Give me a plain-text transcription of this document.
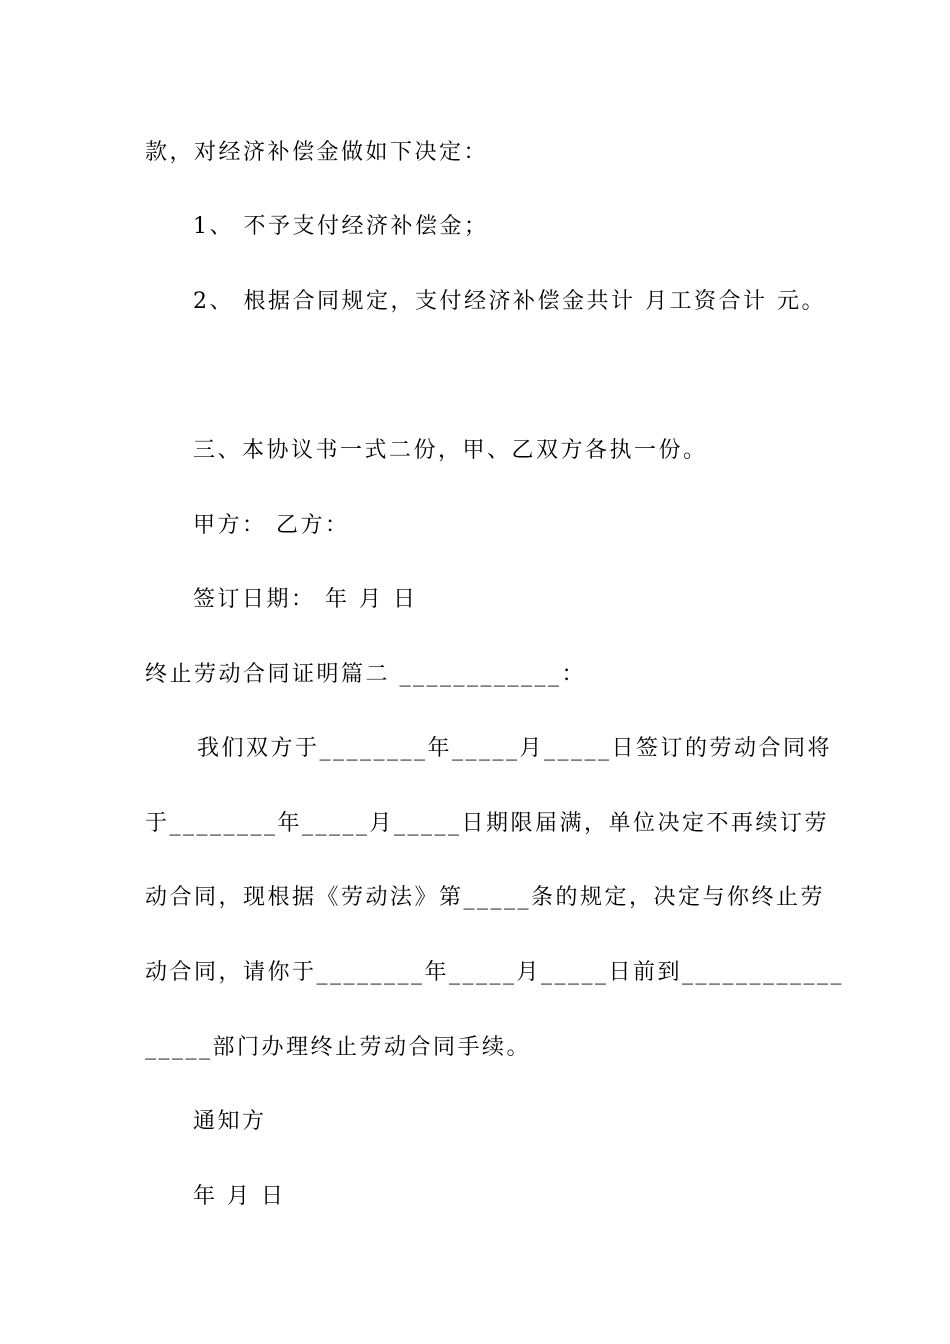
款，对经济补偿金做如下决定：
1、 不予支付经济补偿金；
2、 根据合同规定，支付经济补偿金共计 月工资合计 元。
三、本协议书一式二份，甲、乙双方各执一份。
甲方： 乙方：
签订日期： 年 月 日
终止劳动合同证明篇二 ____________：
我们双方于________年_____月_____日签订的劳动合同将
于________年_____月_____日期限届满，单位决定不再续订劳
动合同，现根据《劳动法》第_____条的规定，决定与你终止劳
动合同，请你于________年_____月_____日前到____________
_____部门办理终止劳动合同手续。
通知方
年 月 日
